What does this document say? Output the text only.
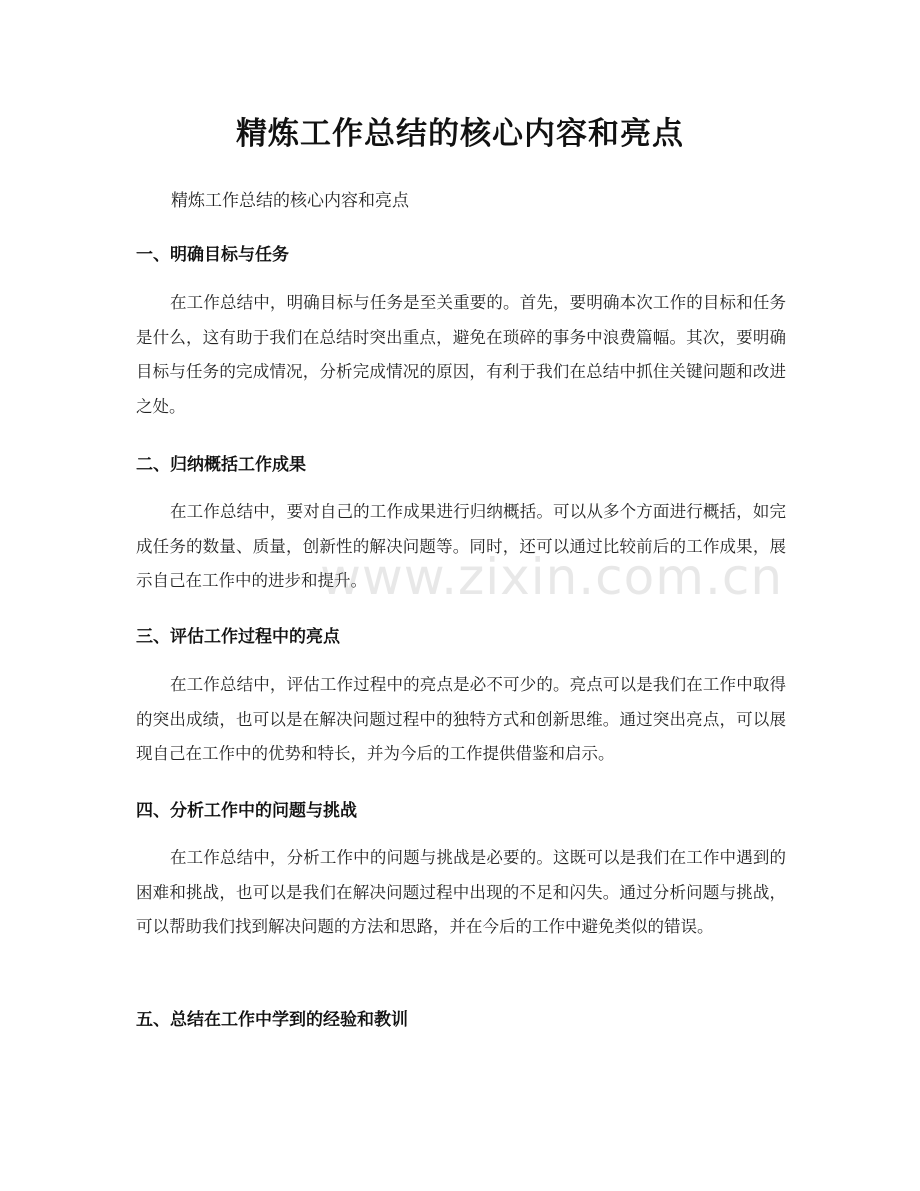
精炼工作总结的核心内容和亮点

精炼工作总结的核心内容和亮点

一、明确目标与任务

在工作总结中，明确目标与任务是至关重要的。首先，要明确本次工作的目标和任务是什么，这有助于我们在总结时突出重点，避免在琐碎的事务中浪费篇幅。其次，要明确目标与任务的完成情况，分析完成情况的原因，有利于我们在总结中抓住关键问题和改进之处。

二、归纳概括工作成果

在工作总结中，要对自己的工作成果进行归纳概括。可以从多个方面进行概括，如完成任务的数量、质量，创新性的解决问题等。同时，还可以通过比较前后的工作成果，展示自己在工作中的进步和提升。

三、评估工作过程中的亮点

在工作总结中，评估工作过程中的亮点是必不可少的。亮点可以是我们在工作中取得的突出成绩，也可以是在解决问题过程中的独特方式和创新思维。通过突出亮点，可以展现自己在工作中的优势和特长，并为今后的工作提供借鉴和启示。

四、分析工作中的问题与挑战

在工作总结中，分析工作中的问题与挑战是必要的。这既可以是我们在工作中遇到的困难和挑战，也可以是我们在解决问题过程中出现的不足和闪失。通过分析问题与挑战，可以帮助我们找到解决问题的方法和思路，并在今后的工作中避免类似的错误。

五、总结在工作中学到的经验和教训
www.zixin.com.cn
